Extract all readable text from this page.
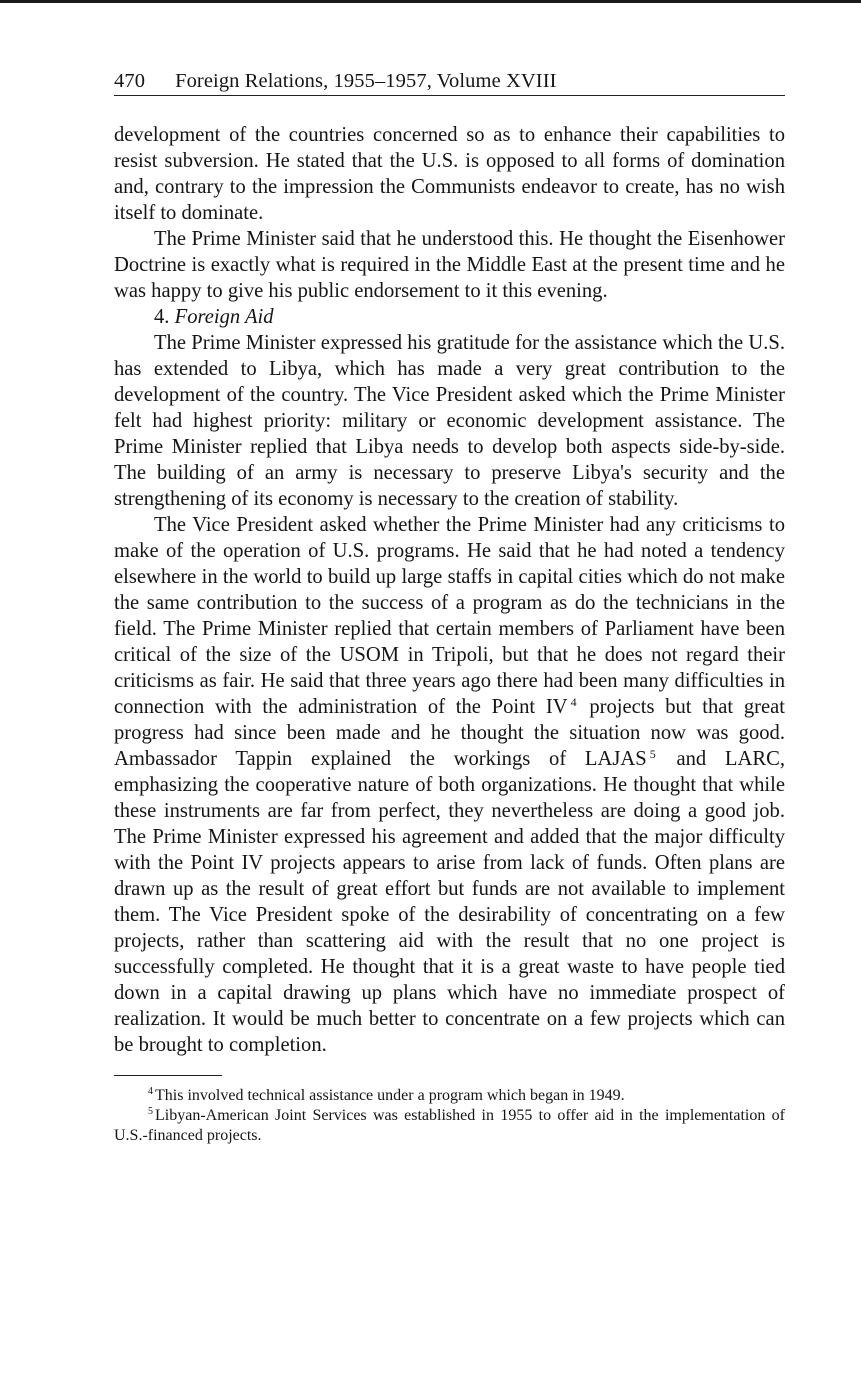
470 Foreign Relations, 1955–1957, Volume XVIII

development of the countries concerned so as to enhance their capabilities to resist subversion. He stated that the U.S. is opposed to all forms of domination and, contrary to the impression the Communists endeavor to create, has no wish itself to dominate.

The Prime Minister said that he understood this. He thought the Eisenhower Doctrine is exactly what is required in the Middle East at the present time and he was happy to give his public endorsement to it this evening.

4. Foreign Aid

The Prime Minister expressed his gratitude for the assistance which the U.S. has extended to Libya, which has made a very great contribution to the development of the country. The Vice President asked which the Prime Minister felt had highest priority: military or economic development assistance. The Prime Minister replied that Libya needs to develop both aspects side-by-side. The building of an army is necessary to preserve Libya's security and the strengthening of its economy is necessary to the creation of stability.

The Vice President asked whether the Prime Minister had any criticisms to make of the operation of U.S. programs. He said that he had noted a tendency elsewhere in the world to build up large staffs in capital cities which do not make the same contribution to the success of a program as do the technicians in the field. The Prime Minister replied that certain members of Parliament have been critical of the size of the USOM in Tripoli, but that he does not regard their criticisms as fair. He said that three years ago there had been many difficulties in connection with the administration of the Point IV $^4$ projects but that great progress had since been made and he thought the situation now was good. Ambassador Tappin explained the workings of LAJAS $^5$ and LARC, emphasizing the cooperative nature of both organizations. He thought that while these instruments are far from perfect, they nevertheless are doing a good job. The Prime Minister expressed his agreement and added that the major difficulty with the Point IV projects appears to arise from lack of funds. Often plans are drawn up as the result of great effort but funds are not available to implement them. The Vice President spoke of the desirability of concentrating on a few projects, rather than scattering aid with the result that no one project is successfully completed. He thought that it is a great waste to have people tied down in a capital drawing up plans which have no immediate prospect of realization. It would be much better to concentrate on a few projects which can be brought to completion.

$^4$ This involved technical assistance under a program which began in 1949.

$^5$ Libyan-American Joint Services was established in 1955 to offer aid in the implementation of U.S.-financed projects.
